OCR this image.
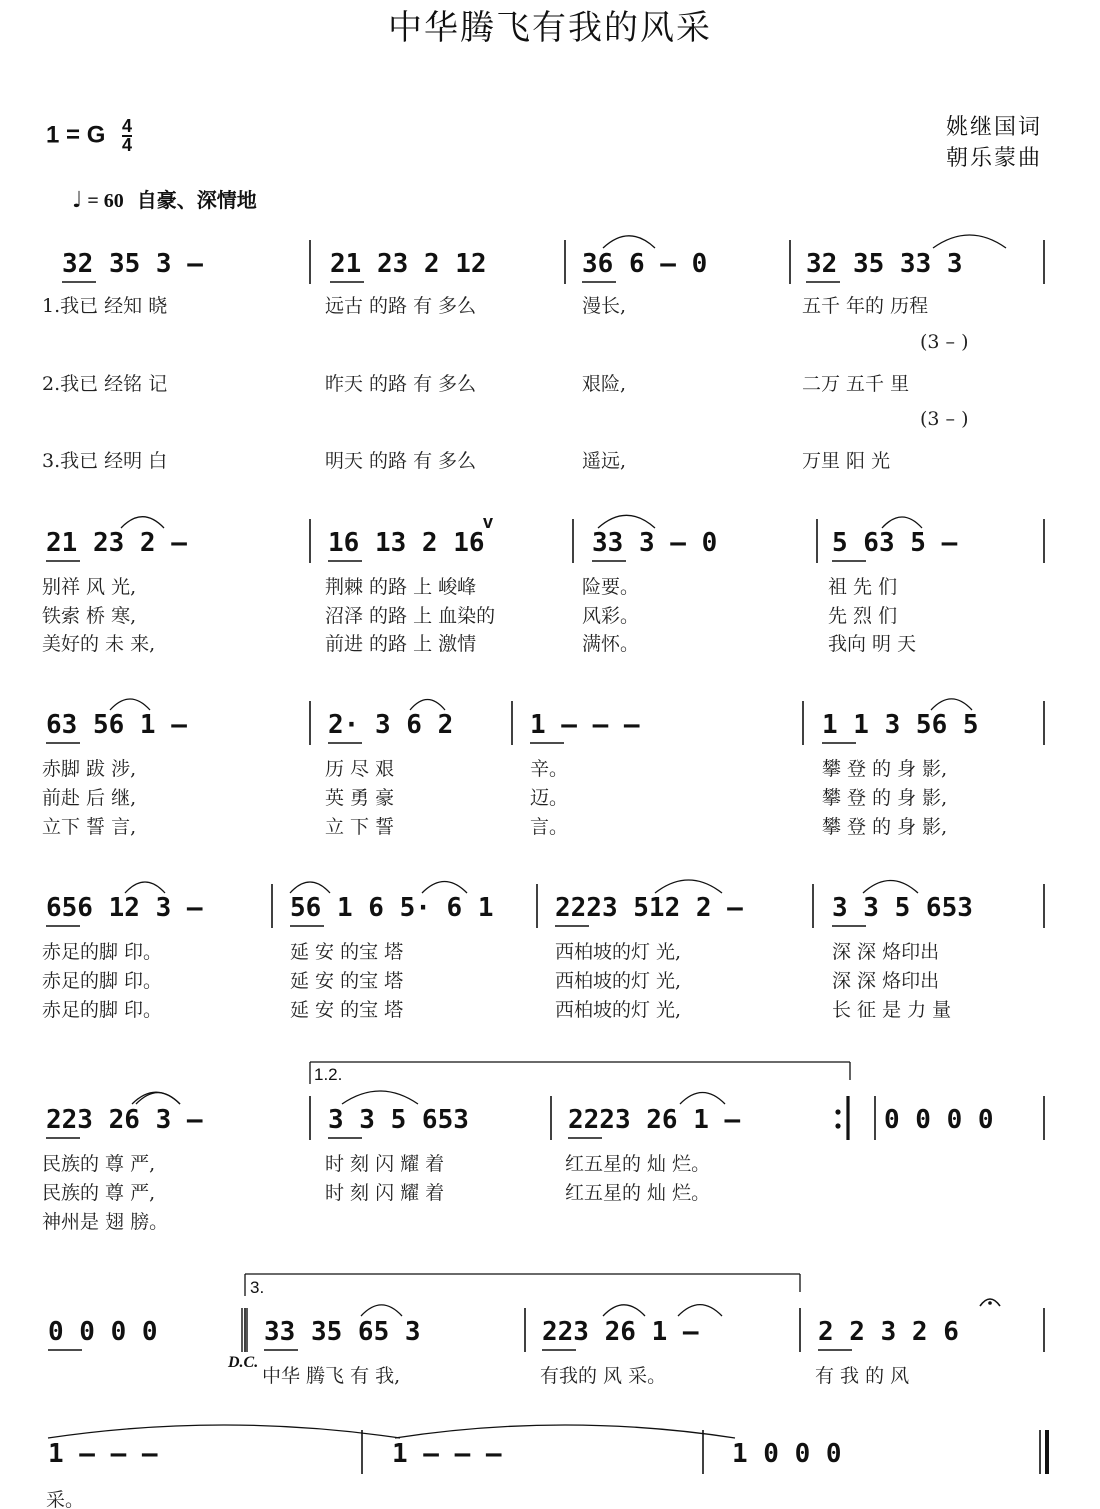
中华腾飞有我的风采
姚继国词
朝乐蒙曲
1 = G $\frac{4}{4}$
♩ = 60 自豪、深情地
1.2.
3.
D.C.
32 35 3 –	21 23 2 12	36 6 – 0	32 35 33 3
1.我已 经知 晓	远古 的路 有 多么	漫长,	五千 年的 历程
2.我已 经铭 记	昨天 的路 有 多么	艰险,	二万 五千 里
3.我已 经明 白	明天 的路 有 多么	遥远,	万里 阳 光
(3 – )
(3 – )
21 23 2 –	16 13 2 16	33 3 – 0	5 63 5 –
别祥 风 光,	荆棘 的路 上 峻峰	险要。	祖 先 们
铁索 桥 寒,	沼泽 的路 上 血染的	风彩。	先 烈 们
美好的 未 来,	前进 的路 上 激情	满怀。	我向 明 天
63 56 1 –	2· 3 6 2	1 – – –	1 1 3 56 5
赤脚 跋 涉,	历 尽 艰	辛。	攀 登 的 身 影,
前赴 后 继,	英 勇 豪	迈。	攀 登 的 身 影,
立下 誓 言,	立 下 誓	言。	攀 登 的 身 影,
656 12 3 –	56 1 6 5· 6 1 2223 512 2 –	3 3 5 653
赤足的脚 印。	延 安 的宝 塔	西柏坡的灯 光,	深 深 烙印出
赤足的脚 印。	延 安 的宝 塔	西柏坡的灯 光,	深 深 烙印出
赤足的脚 印。	延 安 的宝 塔	西柏坡的灯 光,	长 征 是 力 量
223 26 3 –	3 3 5 653	2223 26 1 –	0 0 0 0
民族的 尊 严,	时 刻 闪 耀 着	红五星的 灿 烂。
民族的 尊 严,	时 刻 闪 耀 着	红五星的 灿 烂。
神州是 翅 膀。
0 0 0 0	33 35 65 3	223 26 1 –	2 2 3 2 6
中华 腾飞 有 我,	有我的 风 采。	有 我 的 风
1 – – –	1 – – –	1 0 0 0
采。
v
